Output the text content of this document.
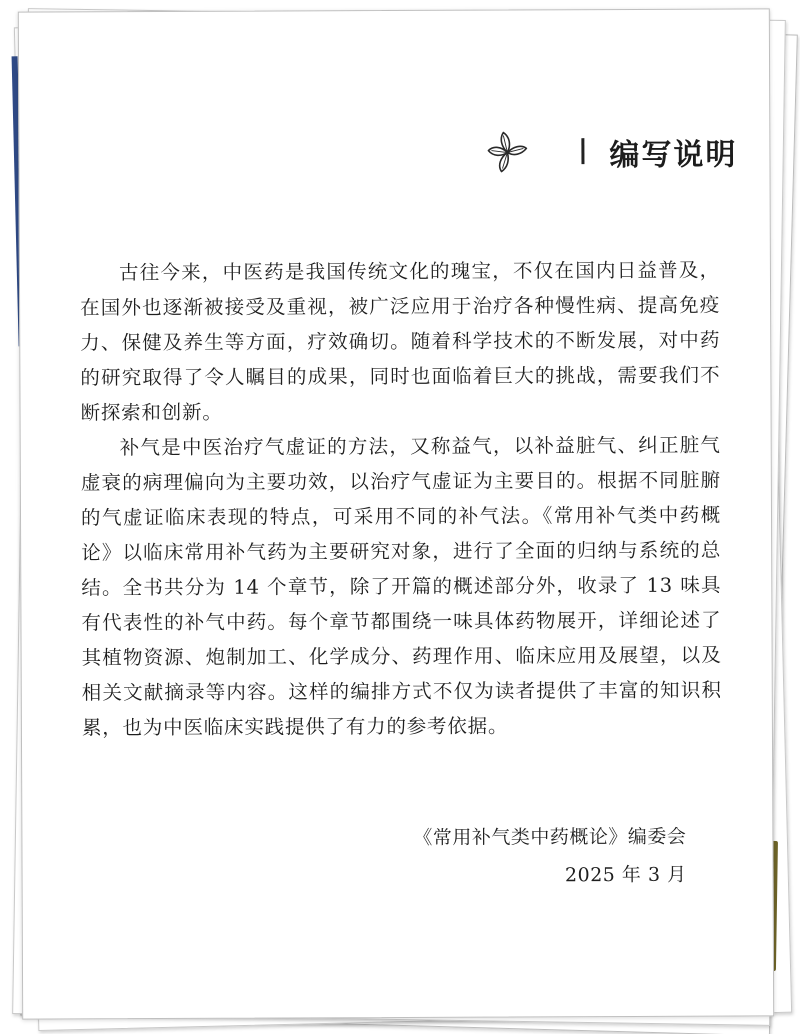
编写说明

古往今来，中医药是我国传统文化的瑰宝，不仅在国内日益普及，在国外也逐渐被接受及重视，被广泛应用于治疗各种慢性病、提高免疫力、保健及养生等方面，疗效确切。随着科学技术的不断发展，对中药的研究取得了令人瞩目的成果，同时也面临着巨大的挑战，需要我们不断探索和创新。

补气是中医治疗气虚证的方法，又称益气，以补益脏气、纠正脏气虚衰的病理偏向为主要功效，以治疗气虚证为主要目的。根据不同脏腑的气虚证临床表现的特点，可采用不同的补气法。《常用补气类中药概论》以临床常用补气药为主要研究对象，进行了全面的归纳与系统的总结。全书共分为 14 个章节，除了开篇的概述部分外，收录了 13 味具有代表性的补气中药。每个章节都围绕一味具体药物展开，详细论述了其植物资源、炮制加工、化学成分、药理作用、临床应用及展望，以及相关文献摘录等内容。这样的编排方式不仅为读者提供了丰富的知识积累，也为中医临床实践提供了有力的参考依据。

《常用补气类中药概论》编委会
2025 年 3 月
